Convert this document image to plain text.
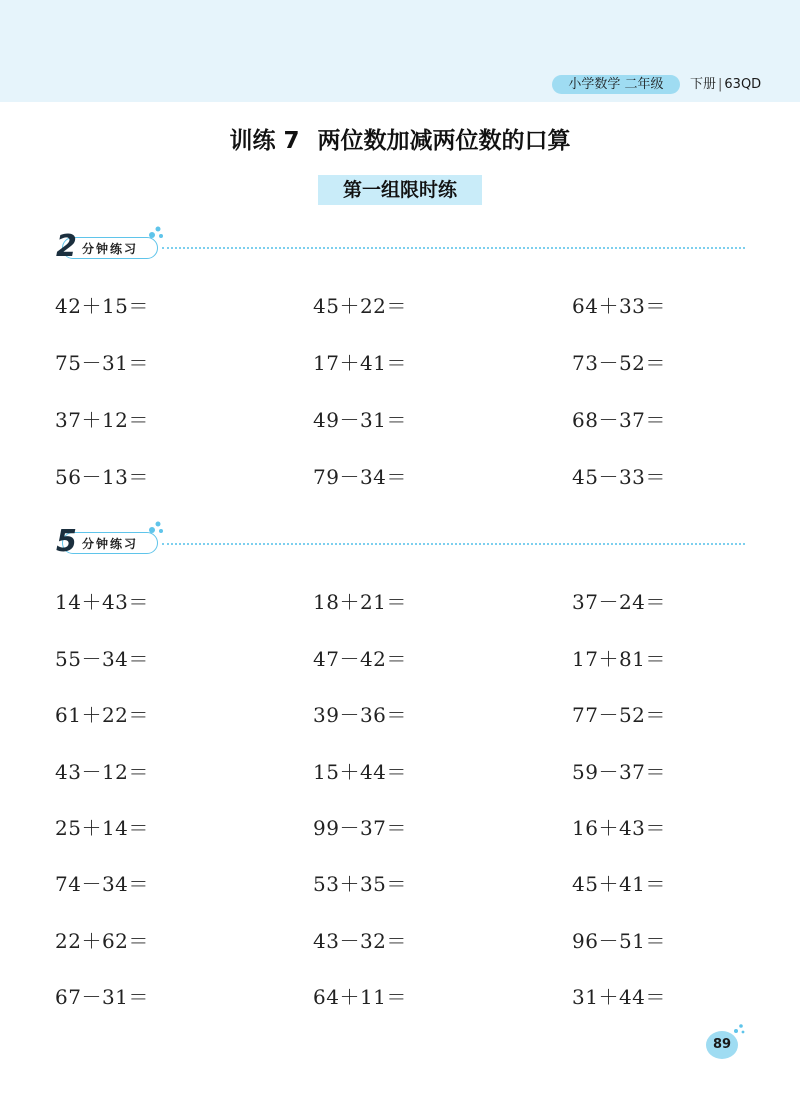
小学数学 二年级	下册 | 63QD
训练 7 两位数加减两位数的口算
第一组限时练
2 分钟练习
42＋15＝	45＋22＝	64＋33＝
75－31＝	17＋41＝	73－52＝
37＋12＝	49－31＝	68－37＝
56－13＝	79－34＝	45－33＝
5 分钟练习
14＋43＝	18＋21＝	37－24＝
55－34＝	47－42＝	17＋81＝
61＋22＝	39－36＝	77－52＝
43－12＝	15＋44＝	59－37＝
25＋14＝	99－37＝	16＋43＝
74－34＝	53＋35＝	45＋41＝
22＋62＝	43－32＝	96－51＝
67－31＝	64＋11＝	31＋44＝
89
